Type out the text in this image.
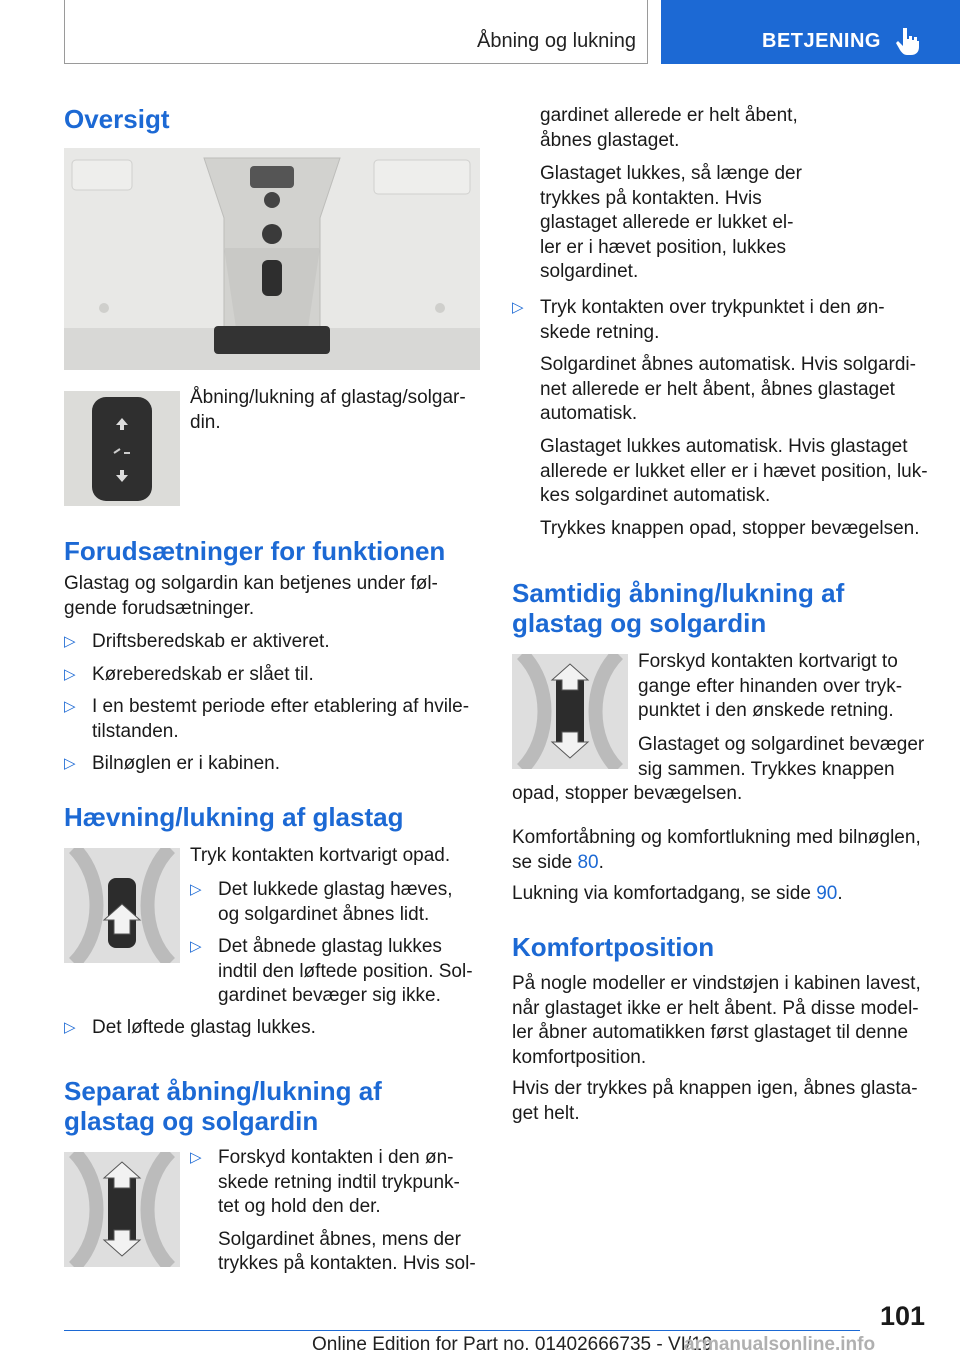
Åbning og lukning	BETJENING
Oversigt
Åbning/lukning af glastag/solgar-
din.
Forudsætninger for funktionen
Glastag og solgardin kan betjenes under føl-
gende forudsætninger.
▷ Driftsberedskab er aktiveret.
▷ Køreberedskab er slået til.
▷ I en bestemt periode efter etablering af hvile-
tilstanden.
▷ Bilnøglen er i kabinen.
Hævning/lukning af glastag
Tryk kontakten kortvarigt opad.
▷ Det lukkede glastag hæves,
og solgardinet åbnes lidt.
▷ Det åbnede glastag lukkes
indtil den løftede position. Sol-
gardinet bevæger sig ikke.
▷ Det løftede glastag lukkes.
Separat åbning/lukning af
glastag og solgardin
▷ Forskyd kontakten i den øn-
skede retning indtil trykpunk-
tet og hold den der.
Solgardinet åbnes, mens der
trykkes på kontakten. Hvis sol-
gardinet allerede er helt åbent,
åbnes glastaget.
Glastaget lukkes, så længe der
trykkes på kontakten. Hvis
glastaget allerede er lukket el-
ler er i hævet position, lukkes
solgardinet.
▷ Tryk kontakten over trykpunktet i den øn-
skede retning.
Solgardinet åbnes automatisk. Hvis solgardi-
net allerede er helt åbent, åbnes glastaget
automatisk.
Glastaget lukkes automatisk. Hvis glastaget
allerede er lukket eller er i hævet position, luk-
kes solgardinet automatisk.
Trykkes knappen opad, stopper bevægelsen.
Samtidig åbning/lukning af
glastag og solgardin
Forskyd kontakten kortvarigt to
gange efter hinanden over tryk-
punktet i den ønskede retning.
Glastaget og solgardinet bevæger
sig sammen. Trykkes knappen
opad, stopper bevægelsen.
Komfortåbning og komfortlukning med bilnøglen,
se side 80.
Lukning via komfortadgang, se side 90.
Komfortposition
På nogle modeller er vindstøjen i kabinen lavest,
når glastaget ikke er helt åbent. På disse model-
ler åbner automatikken først glastaget til denne
komfortposition.
Hvis der trykkes på knappen igen, åbnes glasta-
get helt.
101
Online Edition for Part no. 01402666735 - VI/19
armanualsonline.info
